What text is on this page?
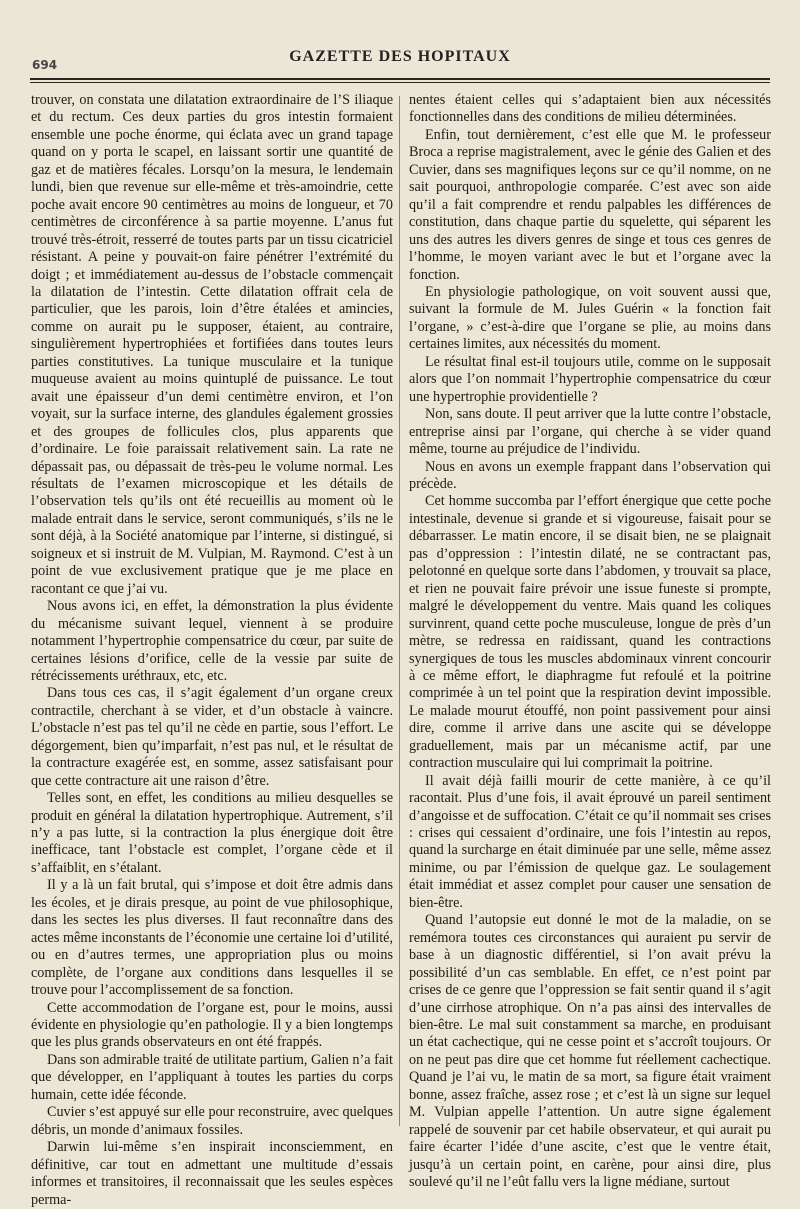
694	GAZETTE DES HOPITAUX

trouver, on constata une dilatation extraordinaire de l’S iliaque et du rectum. Ces deux parties du gros intestin formaient ensemble une poche énorme, qui éclata avec un grand tapage quand on y porta le scapel, en laissant sortir une quantité de gaz et de matières fécales. Lorsqu’on la mesura, le lendemain lundi, bien que revenue sur elle-même et très-amoindrie, cette poche avait encore 90 centimètres au moins de longueur, et 70 centimètres de circonférence à sa partie moyenne. L’anus fut trouvé très-étroit, resserré de toutes parts par un tissu cicatriciel résistant. A peine y pouvait-on faire pénétrer l’extrémité du doigt ; et immédiatement au-dessus de l’obstacle commençait la dilatation de l’intestin. Cette dilatation offrait cela de particulier, que les parois, loin d’être étalées et amincies, comme on aurait pu le supposer, étaient, au contraire, singulièrement hypertrophiées et fortifiées dans toutes leurs parties constitutives. La tunique musculaire et la tunique muqueuse avaient au moins quintuplé de puissance. Le tout avait une épaisseur d’un demi centimètre environ, et l’on voyait, sur la surface interne, des glandules également grossies et des groupes de follicules clos, plus apparents que d’ordinaire. Le foie paraissait relativement sain. La rate ne dépassait pas, ou dépassait de très-peu le volume normal. Les résultats de l’examen microscopique et les détails de l’observation tels qu’ils ont été recueillis au moment où le malade entrait dans le service, seront communiqués, s’ils ne le sont déjà, à la Société anatomique par l’interne, si distingué, si soigneux et si instruit de M. Vulpian, M. Raymond. C’est à un point de vue exclusivement pratique que je me place en racontant ce que j’ai vu.

Nous avons ici, en effet, la démonstration la plus évidente du mécanisme suivant lequel, viennent à se produire notamment l’hypertrophie compensatrice du cœur, par suite de certaines lésions d’orifice, celle de la vessie par suite de rétrécissements uréthraux, etc, etc.

Dans tous ces cas, il s’agit également d’un organe creux contractile, cherchant à se vider, et d’un obstacle à vaincre. L’obstacle n’est pas tel qu’il ne cède en partie, sous l’effort. Le dégorgement, bien qu’imparfait, n’est pas nul, et le résultat de la contracture exagérée est, en somme, assez satisfaisant pour que cette contracture ait une raison d’être.

Telles sont, en effet, les conditions au milieu desquelles se produit en général la dilatation hypertrophique. Autrement, s’il n’y a pas lutte, si la contraction la plus énergique doit être inefficace, tant l’obstacle est complet, l’organe cède et il s’affaiblit, en s’étalant.

Il y a là un fait brutal, qui s’impose et doit être admis dans les écoles, et je dirais presque, au point de vue philosophique, dans les sectes les plus diverses. Il faut reconnaître dans des actes même inconstants de l’économie une certaine loi d’utilité, ou en d’autres termes, une appropriation plus ou moins complète, de l’organe aux conditions dans lesquelles il se trouve pour l’accomplissement de sa fonction.

Cette accommodation de l’organe est, pour le moins, aussi évidente en physiologie qu’en pathologie. Il y a bien longtemps que les plus grands observateurs en ont été frappés.

Dans son admirable traité de utilitate partium, Galien n’a fait que développer, en l’appliquant à toutes les parties du corps humain, cette idée féconde.

Cuvier s’est appuyé sur elle pour reconstruire, avec quelques débris, un monde d’animaux fossiles.

Darwin lui-même s’en inspirait inconsciemment, en définitive, car tout en admettant une multitude d’essais informes et transitoires, il reconnaissait que les seules espèces perma-

nentes étaient celles qui s’adaptaient bien aux nécessités fonctionnelles dans des conditions de milieu déterminées.

Enfin, tout dernièrement, c’est elle que M. le professeur Broca a reprise magistralement, avec le génie des Galien et des Cuvier, dans ses magnifiques leçons sur ce qu’il nomme, on ne sait pourquoi, anthropologie comparée. C’est avec son aide qu’il a fait comprendre et rendu palpables les différences de constitution, dans chaque partie du squelette, qui séparent les uns des autres les divers genres de singe et tous ces genres de l’homme, le moyen variant avec le but et l’organe avec la fonction.

En physiologie pathologique, on voit souvent aussi que, suivant la formule de M. Jules Guérin « la fonction fait l’organe, » c’est-à-dire que l’organe se plie, au moins dans certaines limites, aux nécessités du moment.

Le résultat final est-il toujours utile, comme on le supposait alors que l’on nommait l’hypertrophie compensatrice du cœur une hypertrophie providentielle ?

Non, sans doute. Il peut arriver que la lutte contre l’obstacle, entreprise ainsi par l’organe, qui cherche à se vider quand même, tourne au préjudice de l’individu.

Nous en avons un exemple frappant dans l’observation qui précède.

Cet homme succomba par l’effort énergique que cette poche intestinale, devenue si grande et si vigoureuse, faisait pour se débarrasser. Le matin encore, il se disait bien, ne se plaignait pas d’oppression : l’intestin dilaté, ne se contractant pas, pelotonné en quelque sorte dans l’abdomen, y trouvait sa place, et rien ne pouvait faire prévoir une issue funeste si prompte, malgré le développement du ventre. Mais quand les coliques survinrent, quand cette poche musculeuse, longue de près d’un mètre, se redressa en raidissant, quand les contractions synergiques de tous les muscles abdominaux vinrent concourir à ce même effort, le diaphragme fut refoulé et la poitrine comprimée à un tel point que la respiration devint impossible. Le malade mourut étouffé, non point passivement pour ainsi dire, comme il arrive dans une ascite qui se développe graduellement, mais par un mécanisme actif, par une contraction musculaire qui lui comprimait la poitrine.

Il avait déjà failli mourir de cette manière, à ce qu’il racontait. Plus d’une fois, il avait éprouvé un pareil sentiment d’angoisse et de suffocation. C’était ce qu’il nommait ses crises : crises qui cessaient d’ordinaire, une fois l’intestin au repos, quand la surcharge en était diminuée par une selle, même assez minime, ou par l’émission de quelque gaz. Le soulagement était immédiat et assez complet pour causer une sensation de bien-être.

Quand l’autopsie eut donné le mot de la maladie, on se remémora toutes ces circonstances qui auraient pu servir de base à un diagnostic différentiel, si l’on avait prévu la possibilité d’un cas semblable. En effet, ce n’est point par crises de ce genre que l’oppression se fait sentir quand il s’agit d’une cirrhose atrophique. On n’a pas ainsi des intervalles de bien-être. Le mal suit constamment sa marche, en produisant un état cachectique, qui ne cesse point et s’accroît toujours. Or on ne peut pas dire que cet homme fut réellement cachectique. Quand je l’ai vu, le matin de sa mort, sa figure était vraiment bonne, assez fraîche, assez rose ; et c’est là un signe sur lequel M. Vulpian appelle l’attention. Un autre signe également rappelé de souvenir par cet habile observateur, et qui aurait pu faire écarter l’idée d’une ascite, c’est que le ventre était, jusqu’à un certain point, en carène, pour ainsi dire, plus soulevé qu’il ne l’eût fallu vers la ligne médiane, surtout
